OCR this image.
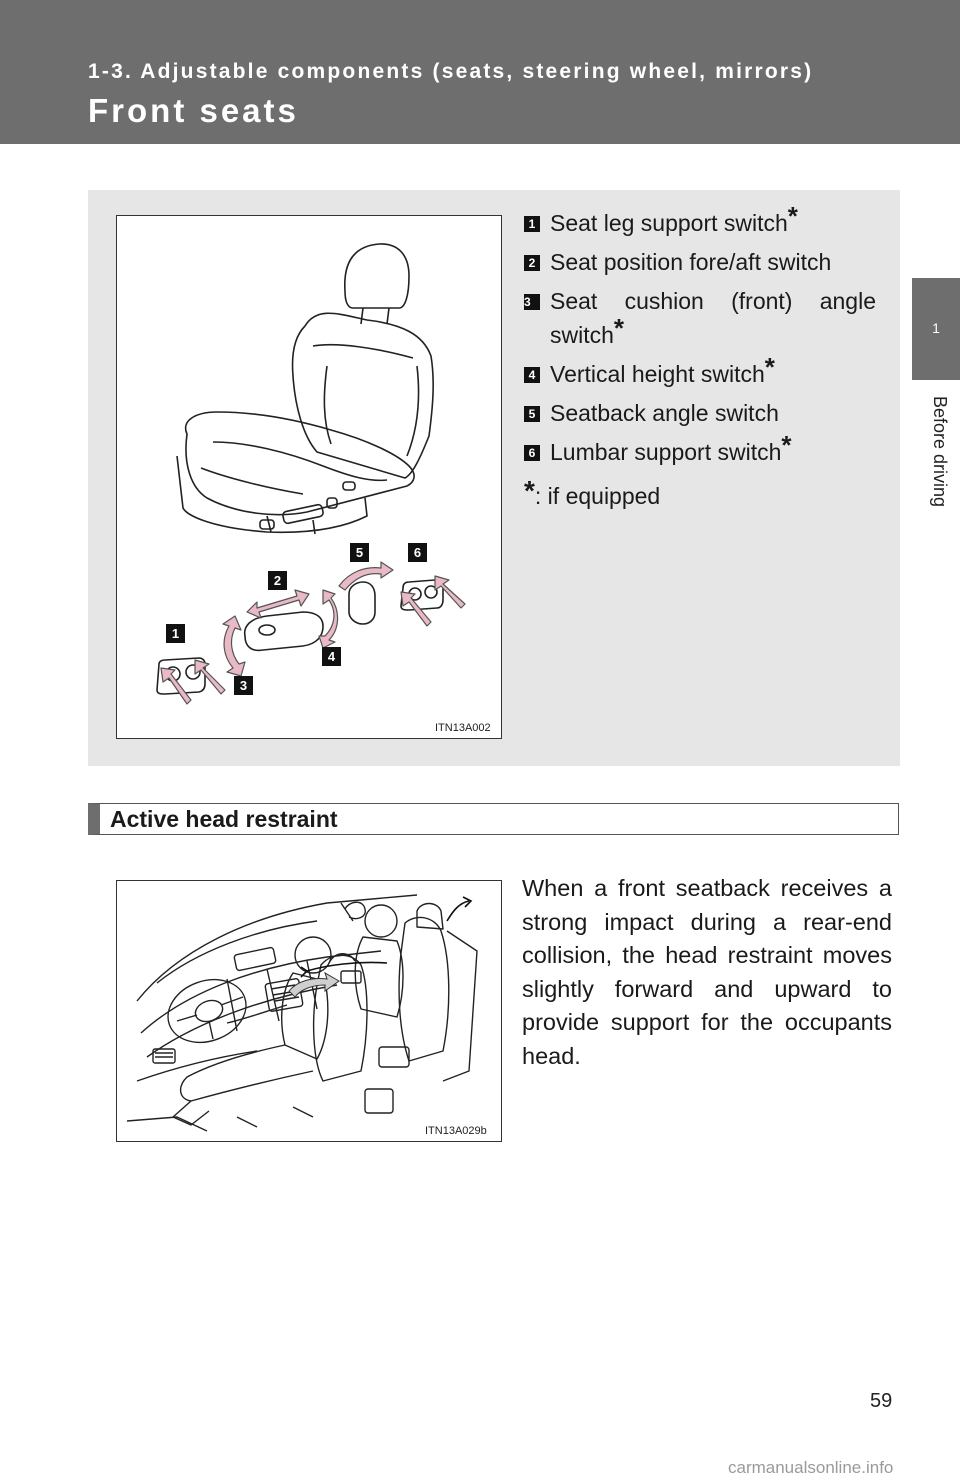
1-3. Adjustable components (seats, steering wheel, mirrors)
Front seats
1
Before driving
1
2
3
4
5	6
ITN13A002
1 Seat leg support switch*
2 Seat position fore/aft switch
3 Seat cushion (front) angle switch*
4 Vertical height switch*
5 Seatback angle switch
6 Lumbar support switch*
*: if equipped
Active head restraint
ITN13A029b
When a front seatback receives a strong impact during a rear-end collision, the head restraint moves slightly forward and upward to provide support for the occupants head.
59
carmanualsonline.info
